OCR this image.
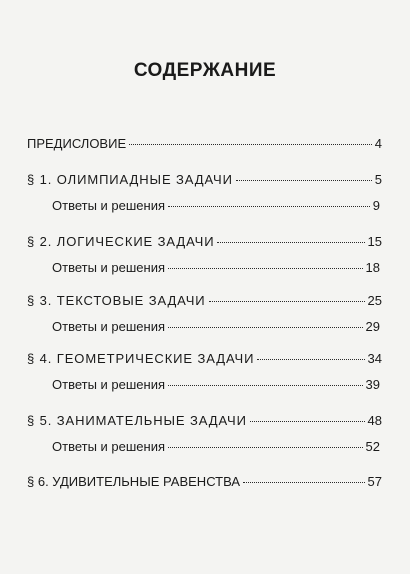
СОДЕРЖАНИЕ
ПРЕДИСЛОВИЕ	4
§ 1. ОЛИМПИАДНЫЕ ЗАДАЧИ	5
Ответы и решения	9
§ 2. ЛОГИЧЕСКИЕ ЗАДАЧИ	15
Ответы и решения	18
§ 3. ТЕКСТОВЫЕ ЗАДАЧИ	25
Ответы и решения	29
§ 4. ГЕОМЕТРИЧЕСКИЕ ЗАДАЧИ	34
Ответы и решения	39
§ 5. ЗАНИМАТЕЛЬНЫЕ ЗАДАЧИ	48
Ответы и решения	52
§ 6. УДИВИТЕЛЬНЫЕ РАВЕНСТВА	57
